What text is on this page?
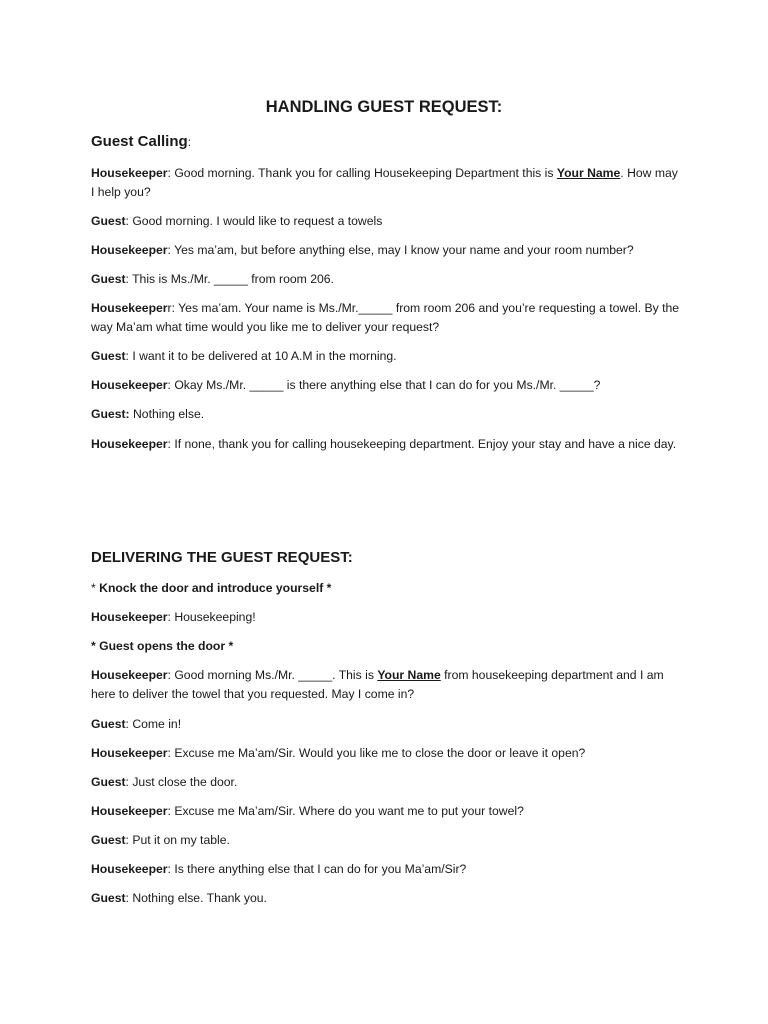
HANDLING GUEST REQUEST:
Guest Calling:

Housekeeper: Good morning. Thank you for calling Housekeeping Department this is Your Name. How may I help you?

Guest: Good morning. I would like to request a towels

Housekeeper: Yes ma’am, but before anything else, may I know your name and your room number?

Guest: This is Ms./Mr. _____ from room 206.

Housekeeperr: Yes ma’am. Your name is Ms./Mr._____ from room 206 and you’re requesting a towel. By the way Ma’am what time would you like me to deliver your request?

Guest: I want it to be delivered at 10 A.M in the morning.

Housekeeper: Okay Ms./Mr. _____ is there anything else that I can do for you Ms./Mr. _____?

Guest: Nothing else.

Housekeeper: If none, thank you for calling housekeeping department. Enjoy your stay and have a nice day.

DELIVERING THE GUEST REQUEST:

* Knock the door and introduce yourself *

Housekeeper: Housekeeping!

* Guest opens the door *

Housekeeper: Good morning Ms./Mr. _____. This is Your Name from housekeeping department and I am here to deliver the towel that you requested. May I come in?

Guest: Come in!

Housekeeper: Excuse me Ma’am/Sir. Would you like me to close the door or leave it open?

Guest: Just close the door.

Housekeeper: Excuse me Ma’am/Sir. Where do you want me to put your towel?

Guest: Put it on my table.

Housekeeper: Is there anything else that I can do for you Ma’am/Sir?

Guest: Nothing else. Thank you.
